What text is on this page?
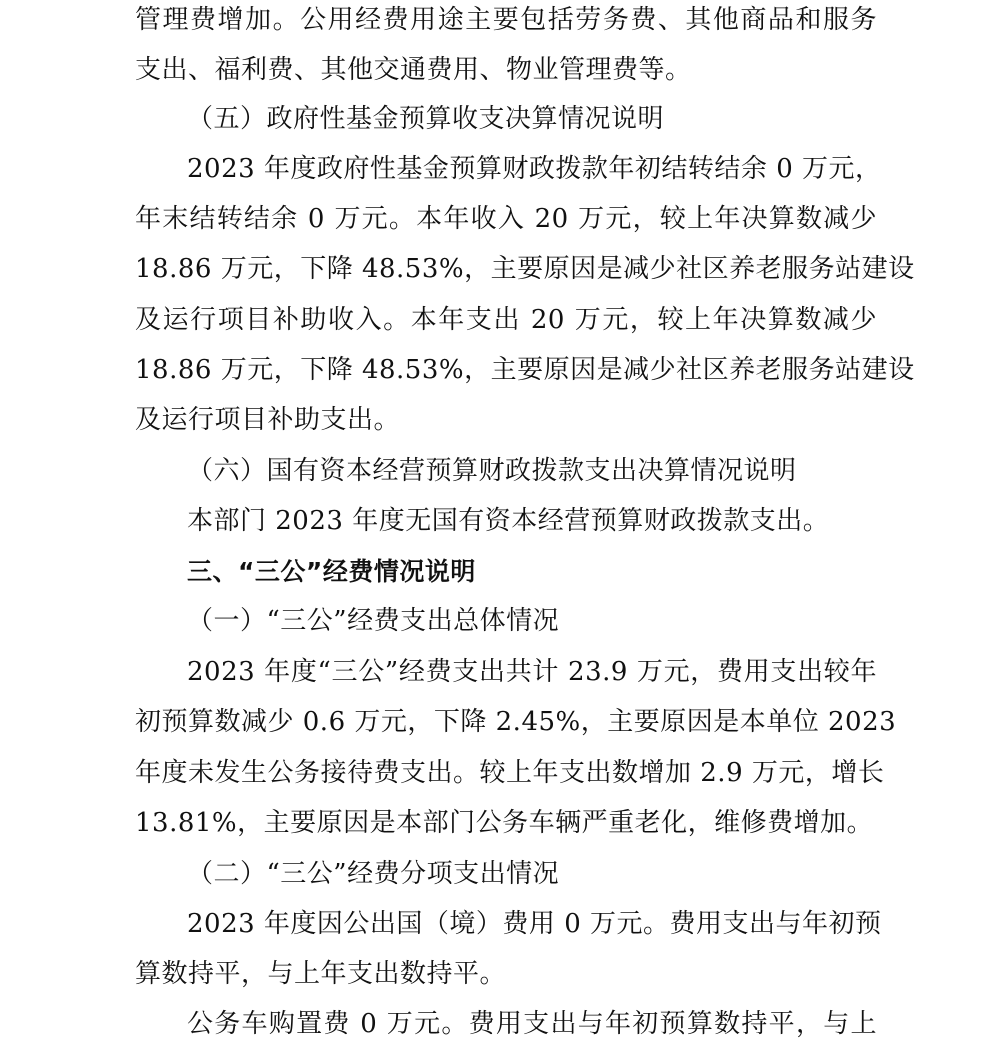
管理费增加。公用经费用途主要包括劳务费、其他商品和服务
支出、福利费、其他交通费用、物业管理费等。
（五）政府性基金预算收支决算情况说明
2023 年度政府性基金预算财政拨款年初结转结余 0 万元，
年末结转结余 0 万元。本年收入 20 万元，较上年决算数减少
18.86 万元，下降 48.53%，主要原因是减少社区养老服务站建设
及运行项目补助收入。本年支出 20 万元，较上年决算数减少
18.86 万元，下降 48.53%，主要原因是减少社区养老服务站建设
及运行项目补助支出。
（六）国有资本经营预算财政拨款支出决算情况说明
本部门 2023 年度无国有资本经营预算财政拨款支出。
三、“三公”经费情况说明
（一）“三公”经费支出总体情况
2023 年度“三公”经费支出共计 23.9 万元，费用支出较年
初预算数减少 0.6 万元，下降 2.45%，主要原因是本单位 2023
年度未发生公务接待费支出。较上年支出数增加 2.9 万元，增长
13.81%，主要原因是本部门公务车辆严重老化，维修费增加。
（二）“三公”经费分项支出情况
2023 年度因公出国（境）费用 0 万元。费用支出与年初预
算数持平，与上年支出数持平。
公务车购置费 0 万元。费用支出与年初预算数持平，与上
